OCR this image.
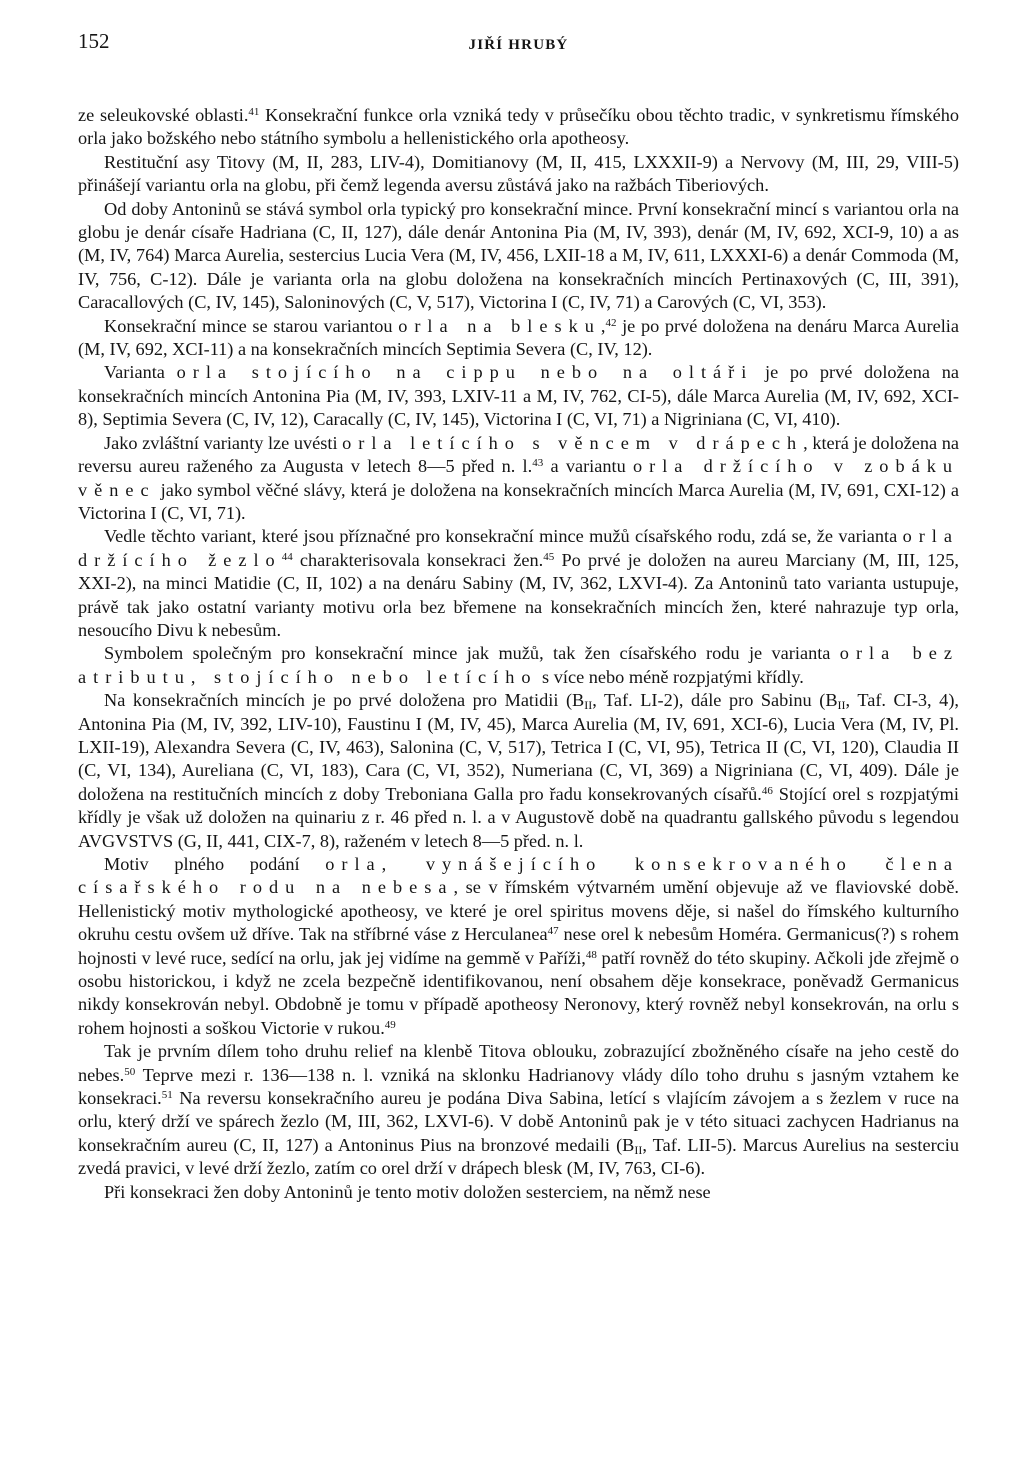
152	JIŘÍ HRUBÝ

ze seleukovské oblasti.$^{41}$ Konsekrační funkce orla vzniká tedy v průsečíku obou těchto tradic, v synkretismu římského orla jako božského nebo státního symbolu a hellenistického orla apotheosy.

Restituční asy Titovy (M, II, 283, LIV-4), Domitianovy (M, II, 415, LXXXII-9) a Nervovy (M, III, 29, VIII-5) přinášejí variantu orla na globu, při čemž legenda aversu zůstává jako na ražbách Tiberiových.

Od doby Antoninů se stává symbol orla typický pro konsekrační mince. První konsekrační mincí s variantou orla na globu je denár císaře Hadriana (C, II, 127), dále denár Antonina Pia (M, IV, 393), denár (M, IV, 692, XCI-9, 10) a as (M, IV, 764) Marca Aurelia, sestercius Lucia Vera (M, IV, 456, LXII-18 a M, IV, 611, LXXXI-6) a denár Commoda (M, IV, 756, C-12). Dále je varianta orla na globu doložena na konsekračních mincích Pertinaxových (C, III, 391), Caracallových (C, IV, 145), Saloninových (C, V, 517), Victorina I (C, IV, 71) a Carových (C, VI, 353).

Konsekrační mince se starou variantou orla na blesku,$^{42}$ je po prvé doložena na denáru Marca Aurelia (M, IV, 692, XCI-11) a na konsekračních mincích Septimia Severa (C, IV, 12).

Varianta orla stojícího na cippu nebo na oltáři je po prvé doložena na konsekračních mincích Antonina Pia (M, IV, 393, LXIV-11 a M, IV, 762, CI-5), dále Marca Aurelia (M, IV, 692, XCI-8), Septimia Severa (C, IV, 12), Caracally (C, IV, 145), Victorina I (C, VI, 71) a Nigriniana (C, VI, 410).

Jako zvláštní varianty lze uvésti orla letícího s věncem v drápech, která je doložena na reversu aureu raženého za Augusta v letech 8—5 před n. l.$^{43}$ a variantu orla držícího v zobáku věnec jako symbol věčné slávy, která je doložena na konsekračních mincích Marca Aurelia (M, IV, 691, CXI-12) a Victorina I (C, VI, 71).

Vedle těchto variant, které jsou příznačné pro konsekrační mince mužů císařského rodu, zdá se, že varianta orla držícího žezlo$^{44}$ charakterisovala konsekraci žen.$^{45}$ Po prvé je doložen na aureu Marciany (M, III, 125, XXI-2), na minci Matidie (C, II, 102) a na denáru Sabiny (M, IV, 362, LXVI-4). Za Antoninů tato varianta ustupuje, právě tak jako ostatní varianty motivu orla bez břemene na konsekračních mincích žen, které nahrazuje typ orla, nesoucího Divu k nebesům.

Symbolem společným pro konsekrační mince jak mužů, tak žen císařského rodu je varianta orla bez atributu, stojícího nebo letícího s více nebo méně rozpjatými křídly.

Na konsekračních mincích je po prvé doložena pro Matidii ($B_{II}$, Taf. LI-2), dále pro Sabinu ($B_{II}$, Taf. CI-3, 4), Antonina Pia (M, IV, 392, LIV-10), Faustinu I (M, IV, 45), Marca Aurelia (M, IV, 691, XCI-6), Lucia Vera (M, IV, Pl. LXII-19), Alexandra Severa (C, IV, 463), Salonina (C, V, 517), Tetrica I (C, VI, 95), Tetrica II (C, VI, 120), Claudia II (C, VI, 134), Aureliana (C, VI, 183), Cara (C, VI, 352), Numeriana (C, VI, 369) a Nigriniana (C, VI, 409). Dále je doložena na restitučních mincích z doby Treboniana Galla pro řadu konsekrovaných císařů.$^{46}$ Stojící orel s rozpjatými křídly je však už doložen na quinariu z r. 46 před n. l. a v Augustově době na quadrantu gallského původu s legendou AVGVSTVS (G, II, 441, CIX-7, 8), raženém v letech 8—5 před. n. l.

Motiv plného podání orla, vynášejícího konsekrovaného člena císařského rodu na nebesa, se v římském výtvarném umění objevuje až ve flaviovské době. Hellenistický motiv mythologické apotheosy, ve které je orel spiritus movens děje, si našel do římského kulturního okruhu cestu ovšem už dříve. Tak na stříbrné váse z Herculanea$^{47}$ nese orel k nebesům Homéra. Germanicus(?) s rohem hojnosti v levé ruce, sedící na orlu, jak jej vidíme na gemmě v Paříži,$^{48}$ patří rovněž do této skupiny. Ačkoli jde zřejmě o osobu historickou, i když ne zcela bezpečně identifikovanou, není obsahem děje konsekrace, poněvadž Germanicus nikdy konsekrován nebyl. Obdobně je tomu v případě apotheosy Neronovy, který rovněž nebyl konsekrován, na orlu s rohem hojnosti a soškou Victorie v rukou.$^{49}$

Tak je prvním dílem toho druhu relief na klenbě Titova oblouku, zobrazující zbožněného císaře na jeho cestě do nebes.$^{50}$ Teprve mezi r. 136—138 n. l. vzniká na sklonku Hadrianovy vlády dílo toho druhu s jasným vztahem ke konsekraci.$^{51}$ Na reversu konsekračního aureu je podána Diva Sabina, letící s vlajícím závojem a s žezlem v ruce na orlu, který drží ve spárech žezlo (M, III, 362, LXVI-6). V době Antoninů pak je v této situaci zachycen Hadrianus na konsekračním aureu (C, II, 127) a Antoninus Pius na bronzové medaili ($B_{II}$, Taf. LII-5). Marcus Aurelius na sesterciu zvedá pravici, v levé drží žezlo, zatím co orel drží v drápech blesk (M, IV, 763, CI-6).

Při konsekraci žen doby Antoninů je tento motiv doložen sesterciem, na němž nese
